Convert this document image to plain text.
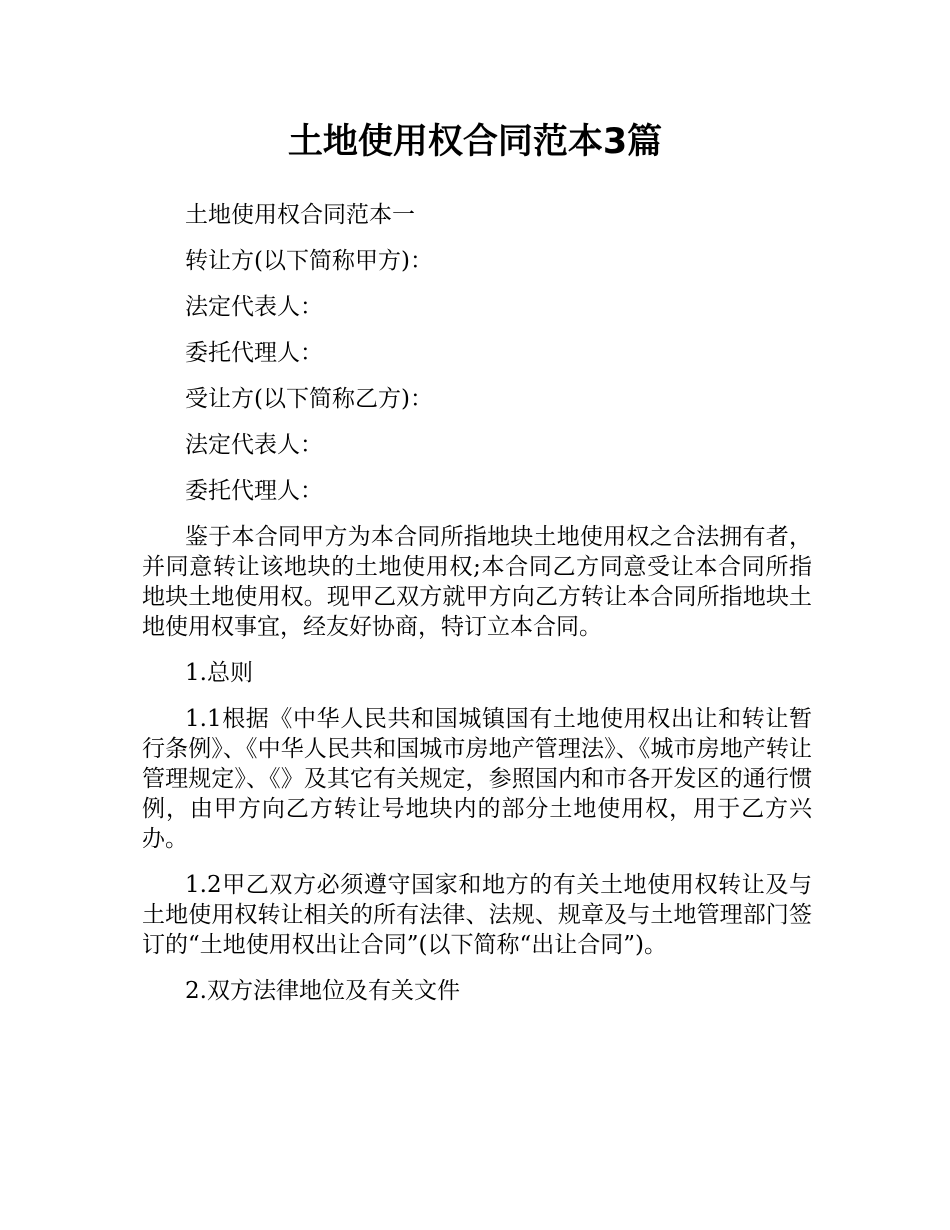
土地使用权合同范本3篇

土地使用权合同范本一

转让方(以下简称甲方)：

法定代表人：

委托代理人：

受让方(以下简称乙方)：

法定代表人：

委托代理人：

鉴于本合同甲方为本合同所指地块土地使用权之合法拥有者，并同意转让该地块的土地使用权;本合同乙方同意受让本合同所指地块土地使用权。现甲乙双方就甲方向乙方转让本合同所指地块土地使用权事宜，经友好协商，特订立本合同。

1.总则

1.1根据《中华人民共和国城镇国有土地使用权出让和转让暂行条例》、《中华人民共和国城市房地产管理法》、《城市房地产转让管理规定》、《》及其它有关规定，参照国内和市各开发区的通行惯例，由甲方向乙方转让号地块内的部分土地使用权，用于乙方兴办。

1.2甲乙双方必须遵守国家和地方的有关土地使用权转让及与土地使用权转让相关的所有法律、法规、规章及与土地管理部门签订的“土地使用权出让合同”(以下简称“出让合同”)。

2.双方法律地位及有关文件
